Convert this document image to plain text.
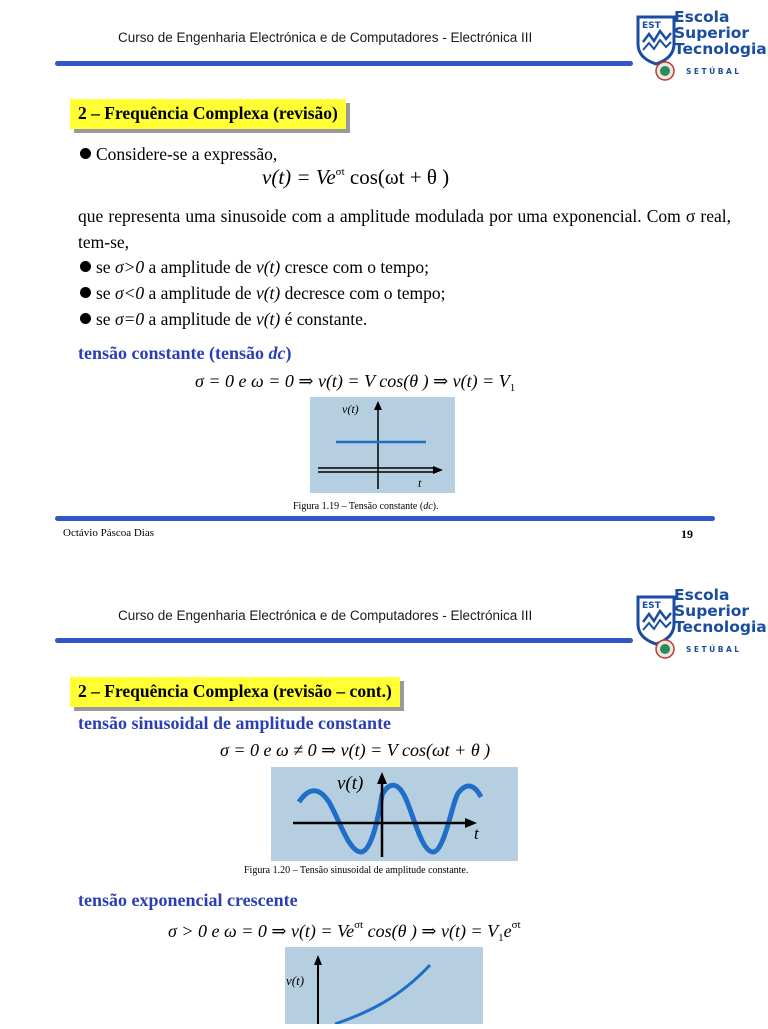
Curso de Engenharia Electrónica e de Computadores - Electrónica III
EST Escola
Superior
Tecnologia
SETÚBAL
2 – Frequência Complexa (revisão)
Considere-se a expressão,
$v(t) = Ve^{\sigma t}$ cos(ωt + θ )
que representa uma sinusoide com a amplitude modulada por uma exponencial. Com σ real, tem-se,
se σ>0 a amplitude de v(t) cresce com o tempo;
se σ<0 a amplitude de v(t) decresce com o tempo;
se σ=0 a amplitude de v(t) é constante.
tensão constante (tensão dc)
σ = 0 e ω = 0 ⇒ v(t) = V cos(θ ) ⇒ $v(t) = V_1$
v(t)
t
Figura 1.19 – Tensão constante (dc).
Octávio Páscoa Dias	19
Curso de Engenharia Electrónica e de Computadores - Electrónica III
EST
Escola
Superior
Tecnologia
SETÚBAL
2 – Frequência Complexa (revisão – cont.)
tensão sinusoidal de amplitude constante
σ = 0 e ω ≠ 0 ⇒ v(t) = V cos(ωt + θ )
v(t)
t
Figura 1.20 – Tensão sinusoidal de amplitude constante.
tensão exponencial crescente
σ > 0 e ω = 0 ⇒ $v(t) = Ve^{\sigma t}$ cos(θ ) ⇒ $v(t) = V_1e^{\sigma t}$
v(t)
